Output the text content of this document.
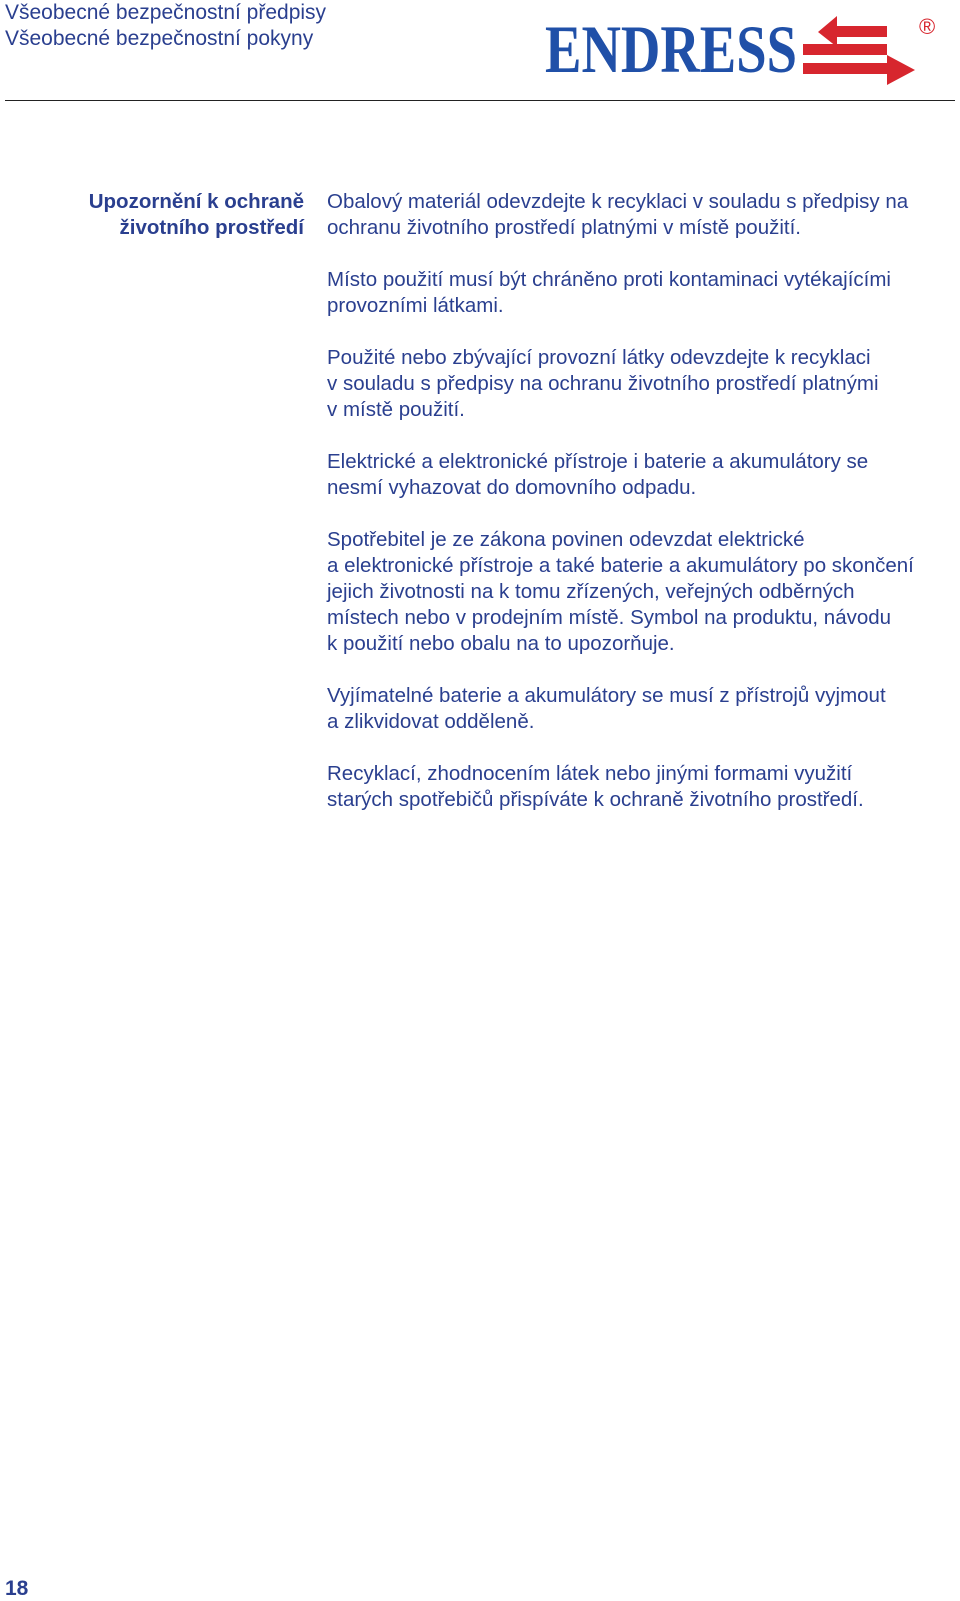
Všeobecné bezpečnostní předpisy
Všeobecné bezpečnostní pokyny	ENDRESS	®
Upozornění k ochraně
životního prostředí

Obalový materiál odevzdejte k recyklaci v souladu s předpisy na
ochranu životního prostředí platnými v místě použití.

Místo použití musí být chráněno proti kontaminaci vytékajícími
provozními látkami.

Použité nebo zbývající provozní látky odevzdejte k recyklaci
v souladu s předpisy na ochranu životního prostředí platnými
v místě použití.

Elektrické a elektronické přístroje i baterie a akumulátory se
nesmí vyhazovat do domovního odpadu.

Spotřebitel je ze zákona povinen odevzdat elektrické
a elektronické přístroje a také baterie a akumulátory po skončení
jejich životnosti na k tomu zřízených, veřejných odběrných
místech nebo v prodejním místě. Symbol na produktu, návodu
k použití nebo obalu na to upozorňuje.

Vyjímatelné baterie a akumulátory se musí z přístrojů vyjmout
a zlikvidovat odděleně.

Recyklací, zhodnocením látek nebo jinými formami využití
starých spotřebičů přispíváte k ochraně životního prostředí.

18
